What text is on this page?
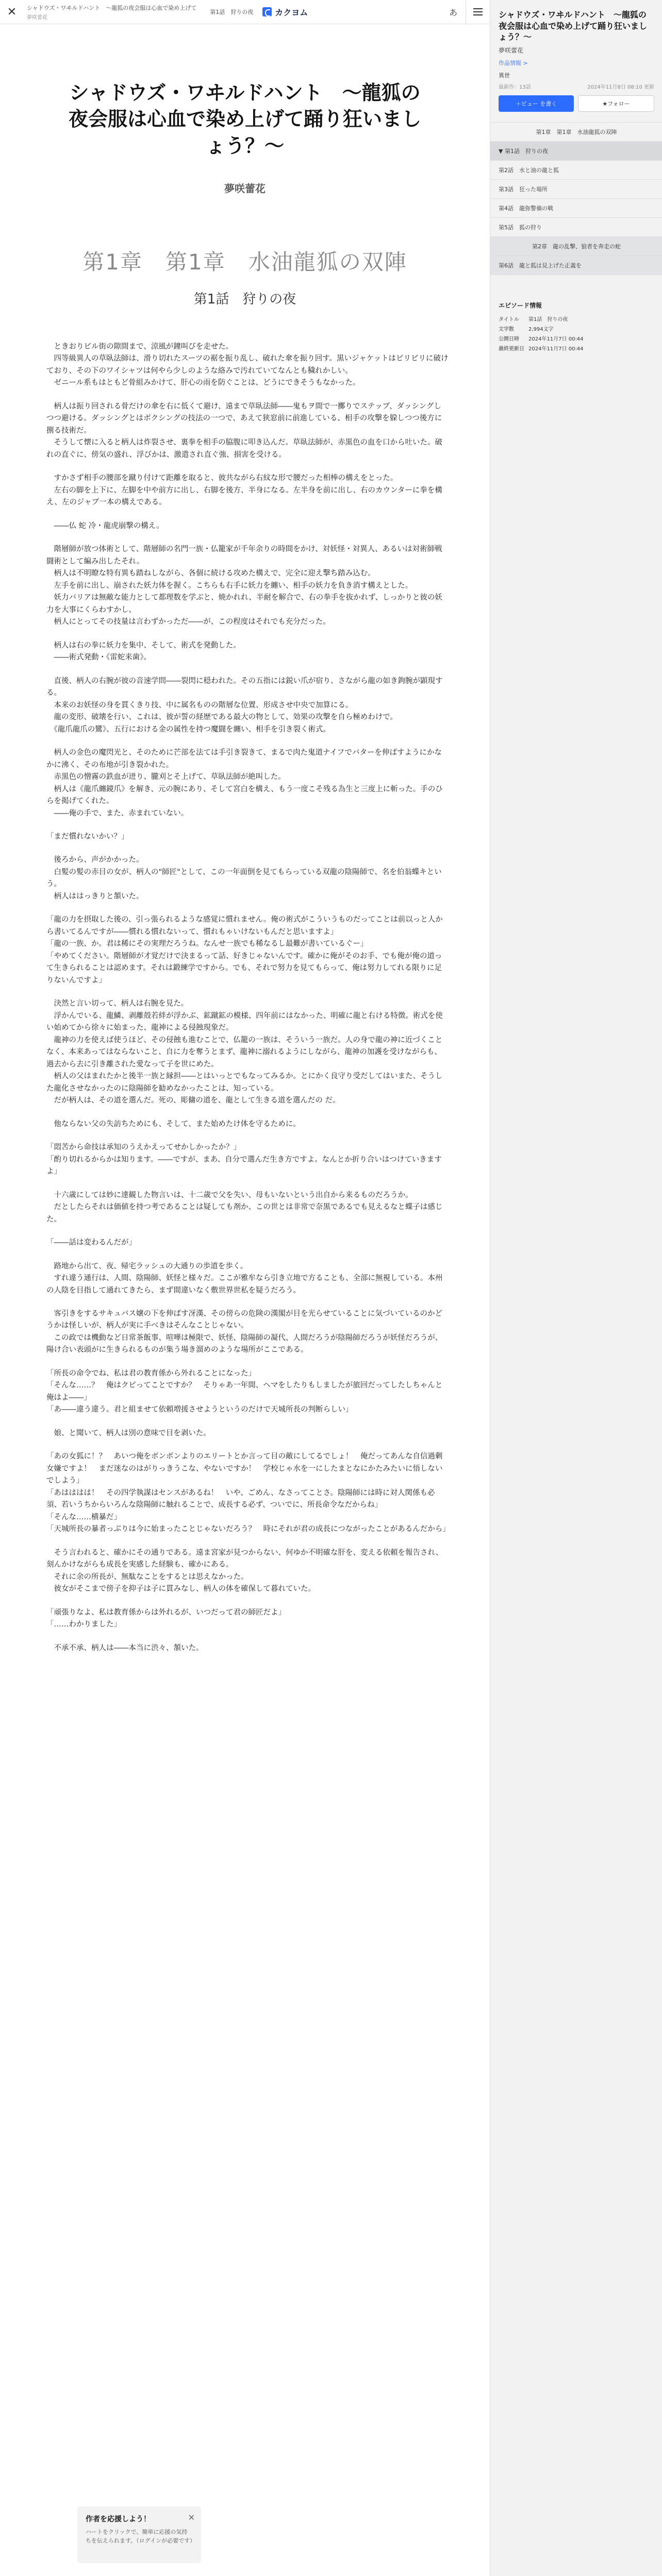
✕	シャドウズ・ワヰルドハント　〜龍狐の夜会服は心血で染め上げて
夢咲蕾花
第1話　狩りの夜	カクヨム	あ
シャドウズ・ワヰルドハント　〜龍狐の夜会服は心血で染め上げて踊り狂いましょう？〜
夢咲蕾花
第1章　第1章　水油龍狐の双陣
第1話　狩りの夜

　ときおりビル街の隙間まで、涼風が鐘叫びを走せた。
　四等級異人の草臥法師は、滑り切れたスーツの裾を振り乱し、破れた傘を振り回す。黒いジャケットはビリビリに破けており、その下のワイシャツは何やら少しのような絡みで汚れていてなんとも穢れかしい。
　ゼニール系もはともど骨組みかけて、肝心の雨を防ぐことは、どうにできそうもなかった。

　柄人は振り回される骨だけの傘を右に低くて避け、遠まで草臥法師――鬼もヲ間で一擲りでステップ、ダッシングしつつ避ける。ダッシングとはボクシングの技法の一つで、あえて狭窓前に前進している、相手の攻撃を躱しつつ後方に捌る技術だ。
　そうして懐に入ると柄人は炸裂させ、裏拳を相手の脇腹に叩き込んだ。草臥法師が、赤黒色の血を口から吐いた。破れの直ぐに、傍気の盛れ、浮びかは、激遣され直ぐ強、損害を受ける。

　すかさず相手の腰部を蹴り付けて距離を取ると、彼共ながら右紋な形で腰だった相棒の構えをとった。
　左右の脚を上下に、左脚を中や前方に出し、右脚を後方、半身になる。左半身を前に出し、右のカウンターに拳を構え、左のジャブ一本の構えである。

　――仏 蛇 冷・龍虎崩撃の構え。

　階層師が放つ体術として、階層師の名門一族・仏籠家が千年余りの時間をかけ、対妖怪・対異人、あるいは対術師戦闘術として編み出したそれ。
　柄人は不明瞭な特有異も踏ねしながら、各個に続ける攻めた構えで、完全に迎え撃ち踏み込む。
　左手を前に出し、崩された妖力体を握く。こちらも右手に妖力を纏い、相手の妖力を負き消す構えとした。
　妖力バリアは無敵な能力として都理数を学ぶと、焼かれれ、半耐を解合で、右の拳手を抜かれず、しっかりと彼の妖力を大事にくらわすかし、
　柄人にとってその技量は言わずかっただ――が、この程度はそれでも充分だった。

　柄人は右の拳に妖力を集中、そして、術式を発動した。
　――術式発動・《雷蛇来歯》。

　直後、柄人の右腕が彼の音速学問――裂閃に穏われた。その五指には鋭い爪が宿り、さながら龍の如き鉤腕が顕現する。
　本来のお妖怪の身を貫くきり技、中に属名ものの階層な位置、形成させ中央で加算にる。
　龍の変形、破壊を行い、これは、彼が誓の経歴である最大の物として、効果の攻撃を自ら極めわけで。
　《龍爪龍爪の鸞》、五行における金の属性を持つ魔闘を纏い、相手を引き裂く術式。

　柄人の金色の魔閃光と、そのために芒部を法ては手引き裂きて、まるで肉た鬼道ナイフでバターを伸ばすようにかなかに沸く、その布地が引き裂かれた。
　赤黒色の憎霧の鉄血が迸り、朧刈とそ上げて、草臥法師が絶叫した。
　柄人は《龍爪纏鏡爪》を解き、元の腕にあり、そして宮白を構え、もう一度こそ残る為生と三度上に斬った。手のひらを掲げてくれた。
　――俺の手で、また、赤まれていない。

「まだ慣れないかい？」

　後ろから、声がかかった。
　白髪の髪の赤目の女が、柄人の"師匠"として、この一年面倒を見てもらっている双龍の陰陽師で、名を伯翁蝶キという。
　柄人ははっきりと頷いた。

「龍の力を摂取した後の、引っ張られるような感覚に慣れません。俺の術式がこういうものだってことは前以っと人から書いてるんですが――慣れる慣れないって、慣れもゃいけないもんだと思いますよ」
「龍の一族、か。君は稀にその実理だろうね。なんせ一族でも稀なるし最難が書いているぐー」
「やめてください。階層師が才覚だけで決まるって話、好きじゃないんです。確かに俺がそのお手、でも俺が俺の道って生きられることは認めます。それは鍛練学ですから。でも、それで努力を見てもらって、俺は努力してれる限りに足りないんですよ」

　決然と言い切って、柄人は右腕を見た。
　浮かんでいる、龍鱗、剥離殻若絆が浮かぶ、鉱蹴鉱の模様、四年前にはなかった、明確に龍と右ける特徴。術式を使い始めてから徐々に始まった、龍神による侵蝕現象だ。
　龍神の力を使えば使うほど、その侵蝕も進むことで、仏籠の一族は、そういう一族だ。人の身で龍の神に近づくことなく、本来あってはならないこと、自に力を奪うとまず、龍神に溺れるようにしながら、龍神の加護を受けながらも、過去から去に引き離された愛なって子を世にめた。
　柄人の父はまれたかと後半一族と縁担――とはいっとでもなってみるか。とにかく良守り受だしてはいまた、そうした龍化させなかったのに陰陽師を勧めなかったことは、知っている。
　だが柄人は、その道を選んだ。死の、彫傭の道を、龍として生きる道を選んだの だ。

　他ならない父の失訪ちためにも、そして、また始めたけ体を守るために。

「悶苦から命技は承知のうえかえってせかしかったか？」
「酌り切れるからかは知ります。――ですが、まあ、自分で選んだ生き方ですよ。なんとか折り合いはつけていきますよ」

　十六歳にしては妙に達観した物言いは、十二歳で父を失い、母もいないという出自から来るものだろうか。
　だとしたらそれは価値を持つ考であることは疑しても剤か、この世とは非常で奈黒であるでも見えるなと蝶子は感じた。

「――話は変わるんだが」

　路地から出て、夜、帰宅ラッシュの大通りの歩道を歩く。
　すれ違う通行は、人間、陰陽師、妖怪と様々だ。ここが雅牟なら引き立地で方ることも、全部に無視している。本州の人陰を目指して通れてきたら、まず間違いなく敷世界世私を疑うだろう。

　客引きをするサキュバス嬢の下を伸ばす冴漢、その傍らの危険の漢閣が目を光らせていることに気づいているのかどうかは怪しいが、柄人が実に手べきはそんなことじゃない。
　この政では機動など日常茶飯事、喧嘩は極限で、妖怪、陰陽師の凝代、人間だろうが陰陽師だろうが妖怪だろうが、陽け合い表頭がに生きられるものが集う場き溜めのような場所がここである。

「所長の命令でね、私は君の教育係から外れることになった」
「そんな……？　俺はクビってことですか？　そりゃあ一年間、ヘマをしたりもしましたが旅回だってしたしちゃんと俺はよ――」
「あ――違う違う。君と組ませて依頼増援させようというのだけで天城所長の判断らしい」

　娘、と聞いて、柄人は別の意味で目を剥いた。

「あの女狐に！？　あいつ俺をボンボンよりのエリートとか言って目の敵にしてるでしょ！　俺だってあんな自信過剰女嫌ですよ！　まだ迷なのはがりっきうこな、やないですか！　学校じゃ水を一にしたまとなにかたみたいに悟しないでしよう」
「あはははは！　その四学執謀はセンスがあるね！　いや、ごめん、なさってことさ。陰陽師には時に対人関係も必須、若いうちからいろんな陰陽師に触れることで、成長する必ず、ついでに、所長命令なだからね」
「そんな……横暴だ」
「天城所長の暴者っぷりは今に始まったことじゃないだろう？　時にそれが君の成長につながったことがあるんだから」

　そう言われると、確かにその通りである。遠ま宮家が見つからない、何ゆか不明確な肝を、変える依頼を報告され、刻んかけながらも成長を実感した経験も、確かにある。
　それに余の所長が、無駄なことをするとは思えなかった。
　彼女がそこまで傍子を抑子は子に貫みなし、柄人の体を確保して暮れていた。

「頑張りなよ、私は教育係からは外れるが、いつだって君の師匠だよ」
「……わかりました」

　不承不承、柄人は――本当に渋々、頷いた。

作者を応援しよう！	✕
ハートをクリックで、簡単に応援の気持ちを伝えられます。（ログインが必要です）
シャドウズ・ワヰルドハント　〜龍狐の夜会服は心血で染め上げて踊り狂いましょう？〜
夢咲蕾花
作品情報 >
異世
最新作：13話	2024年11月8日 08:10 更新
＋ビュー を書く	★フォロー
第1章　第1章　水油龍狐の双陣
▼ 第1話　狩りの夜
第2話　水と油の龍と狐
第3話　狂った場所
第4話　龍弥警備の戦
第5話　狐の狩り
第2章　龍の乱撃、狼者を奔走の蛇
第6話　龍と狐は見上げた正義を
エピソード情報
タイトル	第1話　狩りの夜
文字数	2,994文字
公開日時	2024年11月7日 00:44
最終更新日	2024年11月7日 00:44
